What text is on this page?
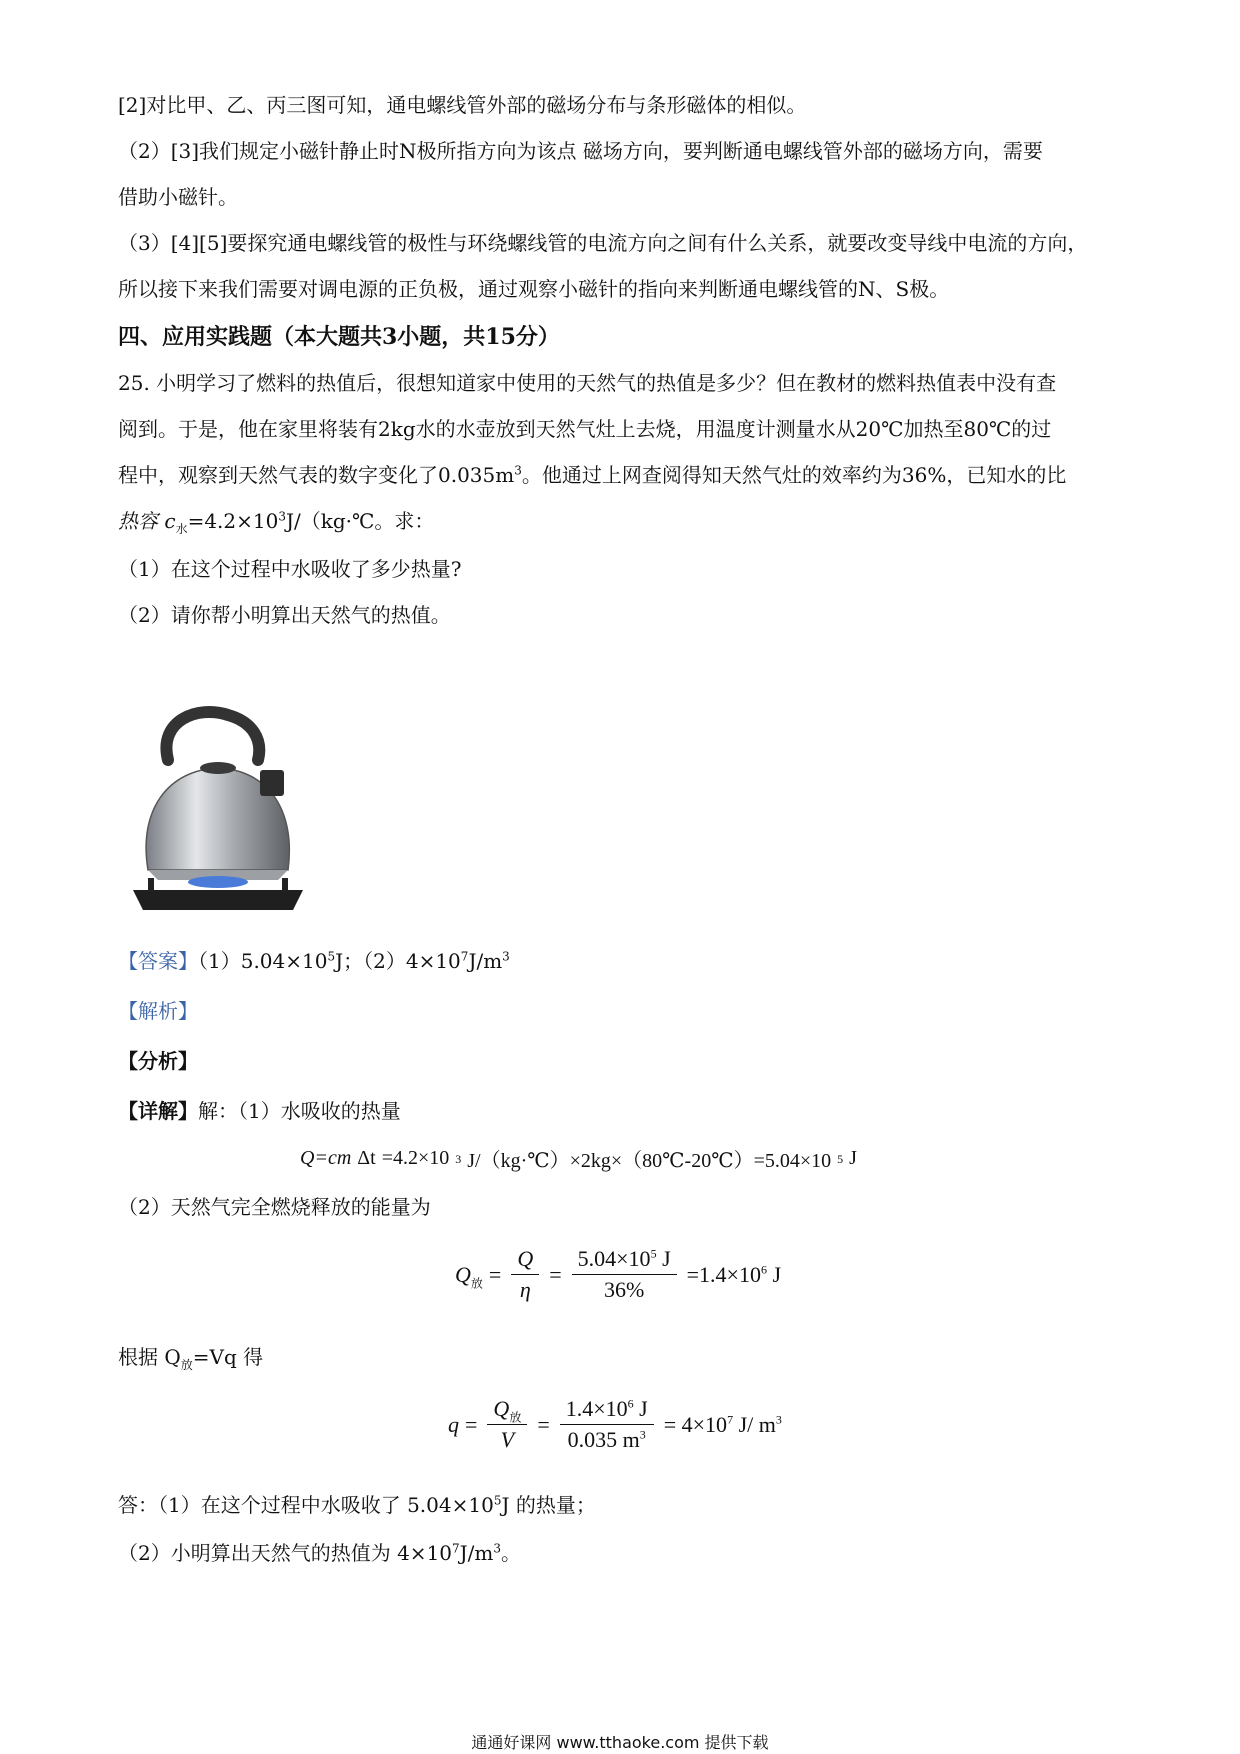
[2]对比甲、乙、丙三图可知，通电螺线管外部的磁场分布与条形磁体的相似。
（2）[3]我们规定小磁针静止时N极所指方向为该点 磁场方向，要判断通电螺线管外部的磁场方向，需要
借助小磁针。
（3）[4][5]要探究通电螺线管的极性与环绕螺线管的电流方向之间有什么关系，就要改变导线中电流的方向，
所以接下来我们需要对调电源的正负极，通过观察小磁针的指向来判断通电螺线管的N、S极。
四、应用实践题（本大题共3小题，共15分）
25. 小明学习了燃料的热值后，很想知道家中使用的天然气的热值是多少？但在教材的燃料热值表中没有查
阅到。于是，他在家里将装有2kg水的水壶放到天然气灶上去烧，用温度计测量水从20℃加热至80℃的过
程中，观察到天然气表的数字变化了$0.035m^3$。他通过上网查阅得知天然气灶的效率约为36%，已知水的比
热容 $c_水=4.2\times 10^3J/(kg\cdot℃$。求：
（1）在这个过程中水吸收了多少热量?
（2）请你帮小明算出天然气的热值。
【答案】$(1)5.04\times 10^5J$；$(2)4\times 10^7J/m^3$
【解析】
【分析】
【详解】解：（1）水吸收的热量
Q=cm Δt =4.2×10 3 J/（kg·℃）×2kg×（80℃-20℃）=5.04×10 5 J
（2）天然气完全燃烧释放的能量为
$Q_放 = \frac{Q}{\eta} = \frac{5.04\times 10^5 J}{36\%} =1.4\times 10^6$ J
根据 $Q_放=Vq$ 得
$q = \frac{Q_放}{V} = \frac{1.4\times 10^6 J}{0.035 m^3} = 4\times 10^7$ J/ $m^3$
答：（1）在这个过程中水吸收了 $5.04\times 10^5J$ 的热量；
（2）小明算出天然气的热值为 $4\times 10^7J/m^3$。
通通好课网 www.tthaoke.com 提供下载
